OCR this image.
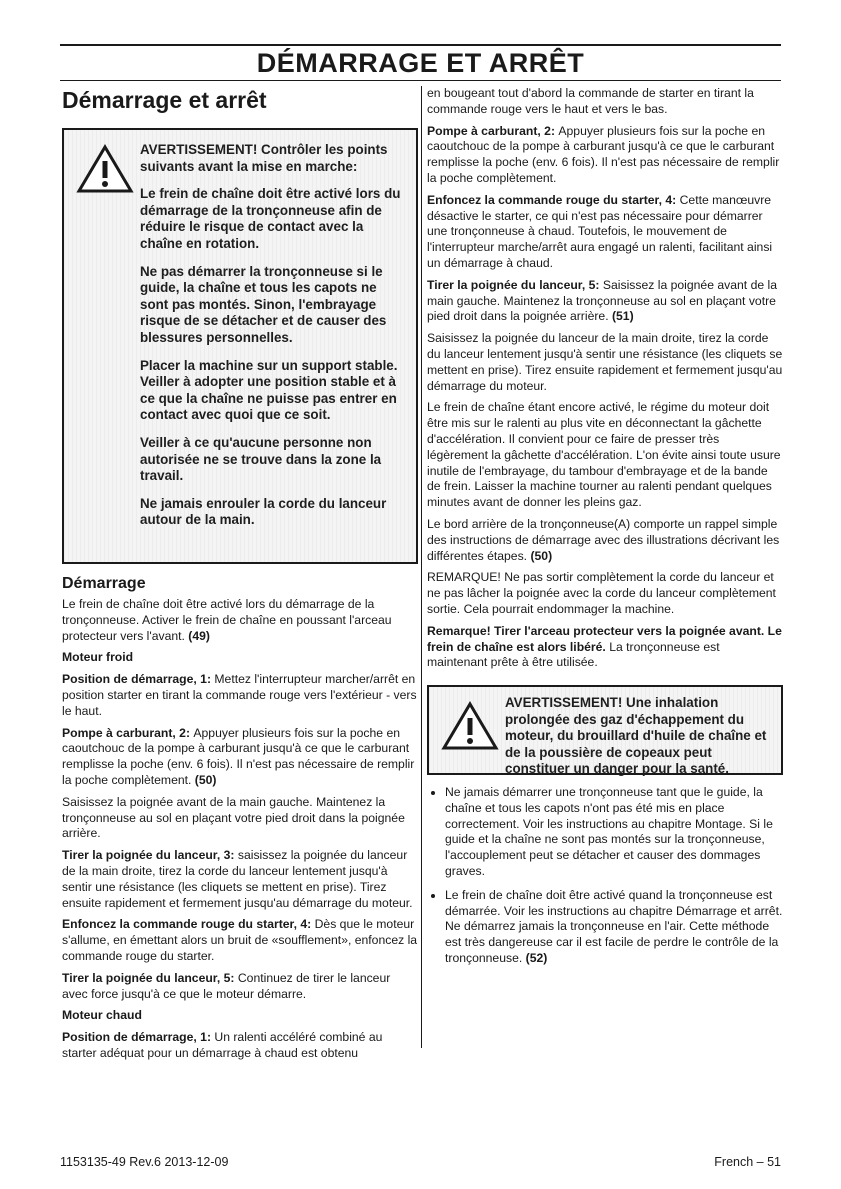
DÉMARRAGE ET ARRÊT
Démarrage et arrêt
AVERTISSEMENT! Contrôler les points suivants avant la mise en marche:
Le frein de chaîne doit être activé lors du démarrage de la tronçonneuse afin de réduire le risque de contact avec la chaîne en rotation.
Ne pas démarrer la tronçonneuse si le guide, la chaîne et tous les capots ne sont pas montés. Sinon, l'embrayage risque de se détacher et de causer des blessures personnelles.
Placer la machine sur un support stable. Veiller à adopter une position stable et à ce que la chaîne ne puisse pas entrer en contact avec quoi que ce soit.
Veiller à ce qu'aucune personne non autorisée ne se trouve dans la zone la travail.
Ne jamais enrouler la corde du lanceur autour de la main.
Démarrage

Le frein de chaîne doit être activé lors du démarrage de la tronçonneuse. Activer le frein de chaîne en poussant l'arceau protecteur vers l'avant. (49)

Moteur froid

Position de démarrage, 1: Mettez l'interrupteur marcher/arrêt en position starter en tirant la commande rouge vers l'extérieur - vers le haut.

Pompe à carburant, 2: Appuyer plusieurs fois sur la poche en caoutchouc de la pompe à carburant jusqu'à ce que le carburant remplisse la poche (env. 6 fois). Il n'est pas nécessaire de remplir la poche complètement. (50)

Saisissez la poignée avant de la main gauche. Maintenez la tronçonneuse au sol en plaçant votre pied droit dans la poignée arrière.

Tirer la poignée du lanceur, 3: saisissez la poignée du lanceur de la main droite, tirez la corde du lanceur lentement jusqu'à sentir une résistance (les cliquets se mettent en prise). Tirez ensuite rapidement et fermement jusqu'au démarrage du moteur.

Enfoncez la commande rouge du starter, 4: Dès que le moteur s'allume, en émettant alors un bruit de «soufflement», enfoncez la commande rouge du starter.

Tirer la poignée du lanceur, 5: Continuez de tirer le lanceur avec force jusqu'à ce que le moteur démarre.

Moteur chaud

Position de démarrage, 1: Un ralenti accéléré combiné au starter adéquat pour un démarrage à chaud est obtenu

en bougeant tout d'abord la commande de starter en tirant la commande rouge vers le haut et vers le bas.

Pompe à carburant, 2: Appuyer plusieurs fois sur la poche en caoutchouc de la pompe à carburant jusqu'à ce que le carburant remplisse la poche (env. 6 fois). Il n'est pas nécessaire de remplir la poche complètement.

Enfoncez la commande rouge du starter, 4: Cette manœuvre désactive le starter, ce qui n'est pas nécessaire pour démarrer une tronçonneuse à chaud. Toutefois, le mouvement de l'interrupteur marche/arrêt aura engagé un ralenti, facilitant ainsi un démarrage à chaud.

Tirer la poignée du lanceur, 5: Saisissez la poignée avant de la main gauche. Maintenez la tronçonneuse au sol en plaçant votre pied droit dans la poignée arrière. (51)

Saisissez la poignée du lanceur de la main droite, tirez la corde du lanceur lentement jusqu'à sentir une résistance (les cliquets se mettent en prise). Tirez ensuite rapidement et fermement jusqu'au démarrage du moteur.

Le frein de chaîne étant encore activé, le régime du moteur doit être mis sur le ralenti au plus vite en déconnectant la gâchette d'accélération. Il convient pour ce faire de presser très légèrement la gâchette d'accélération. L'on évite ainsi toute usure inutile de l'embrayage, du tambour d'embrayage et de la bande de frein. Laisser la machine tourner au ralenti pendant quelques minutes avant de donner les pleins gaz.

Le bord arrière de la tronçonneuse(A) comporte un rappel simple des instructions de démarrage avec des illustrations décrivant les différentes étapes. (50)

REMARQUE! Ne pas sortir complètement la corde du lanceur et ne pas lâcher la poignée avec la corde du lanceur complètement sortie. Cela pourrait endommager la machine.

Remarque! Tirer l'arceau protecteur vers la poignée avant. Le frein de chaîne est alors libéré. La tronçonneuse est maintenant prête à être utilisée.

AVERTISSEMENT! Une inhalation prolongée des gaz d'échappement du moteur, du brouillard d'huile de chaîne et de la poussière de copeaux peut constituer un danger pour la santé.
• Ne jamais démarrer une tronçonneuse tant que le guide, la chaîne et tous les capots n'ont pas été mis en place correctement. Voir les instructions au chapitre Montage. Si le guide et la chaîne ne sont pas montés sur la tronçonneuse, l'accouplement peut se détacher et causer des dommages graves.
• Le frein de chaîne doit être activé quand la tronçonneuse est démarrée. Voir les instructions au chapitre Démarrage et arrêt. Ne démarrez jamais la tronçonneuse en l'air. Cette méthode est très dangereuse car il est facile de perdre le contrôle de la tronçonneuse. (52)
1153135-49 Rev.6 2013-12-09	French – 51
